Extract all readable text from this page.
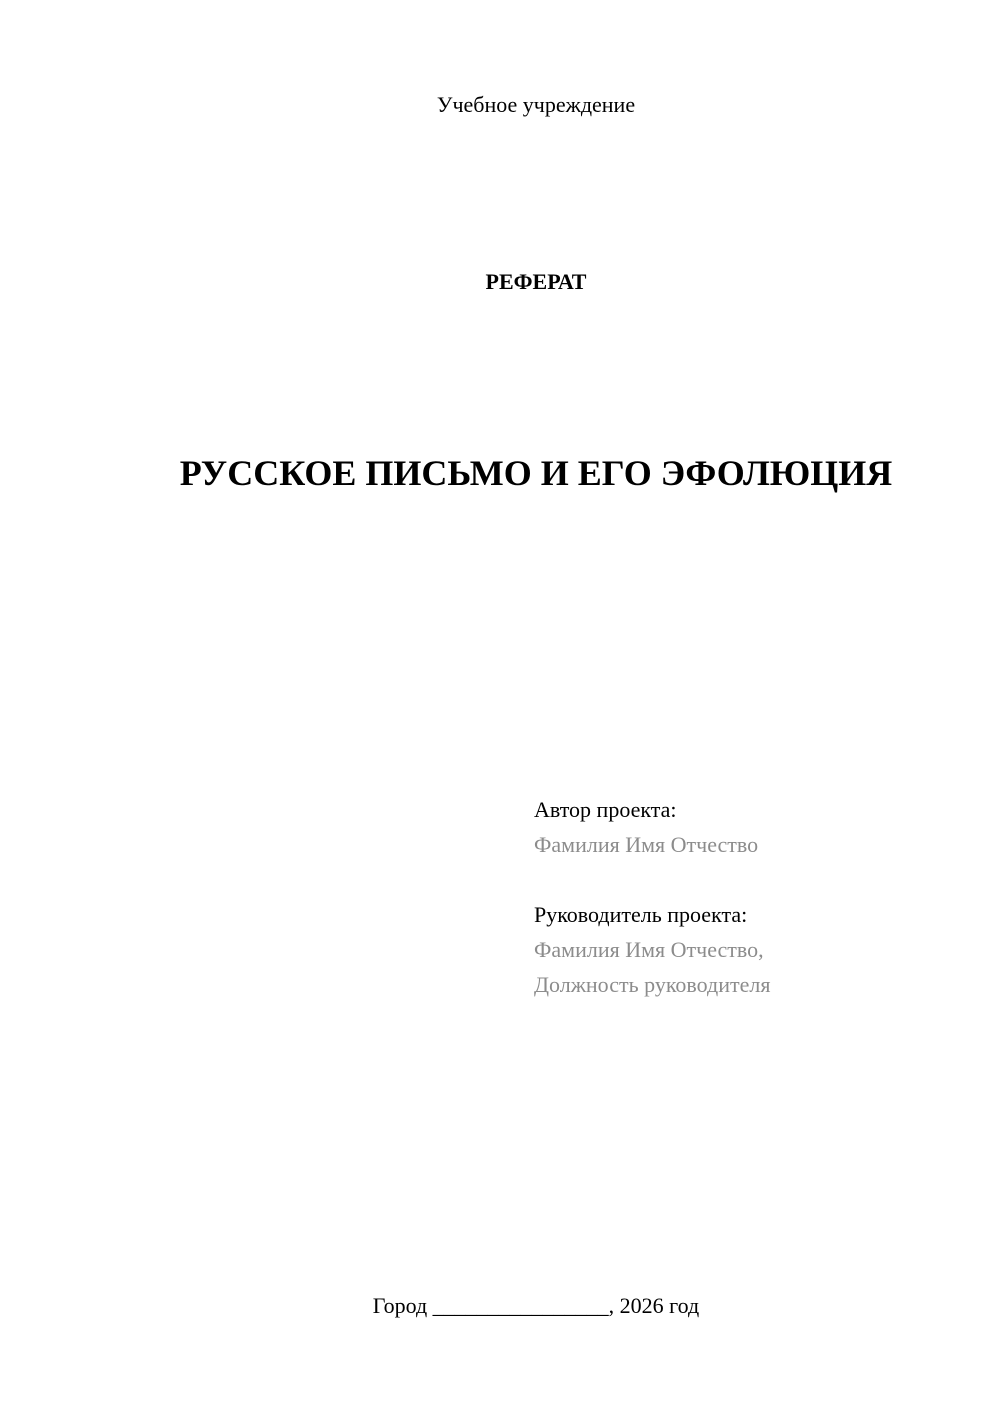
Учебное учреждение
РЕФЕРАТ
РУССКОЕ ПИСЬМО И ЕГО ЭФОЛЮЦИЯ
Автор проекта:
Фамилия Имя Отчество
Руководитель проекта:
Фамилия Имя Отчество,
Должность руководителя
Город ________________, 2026 год
